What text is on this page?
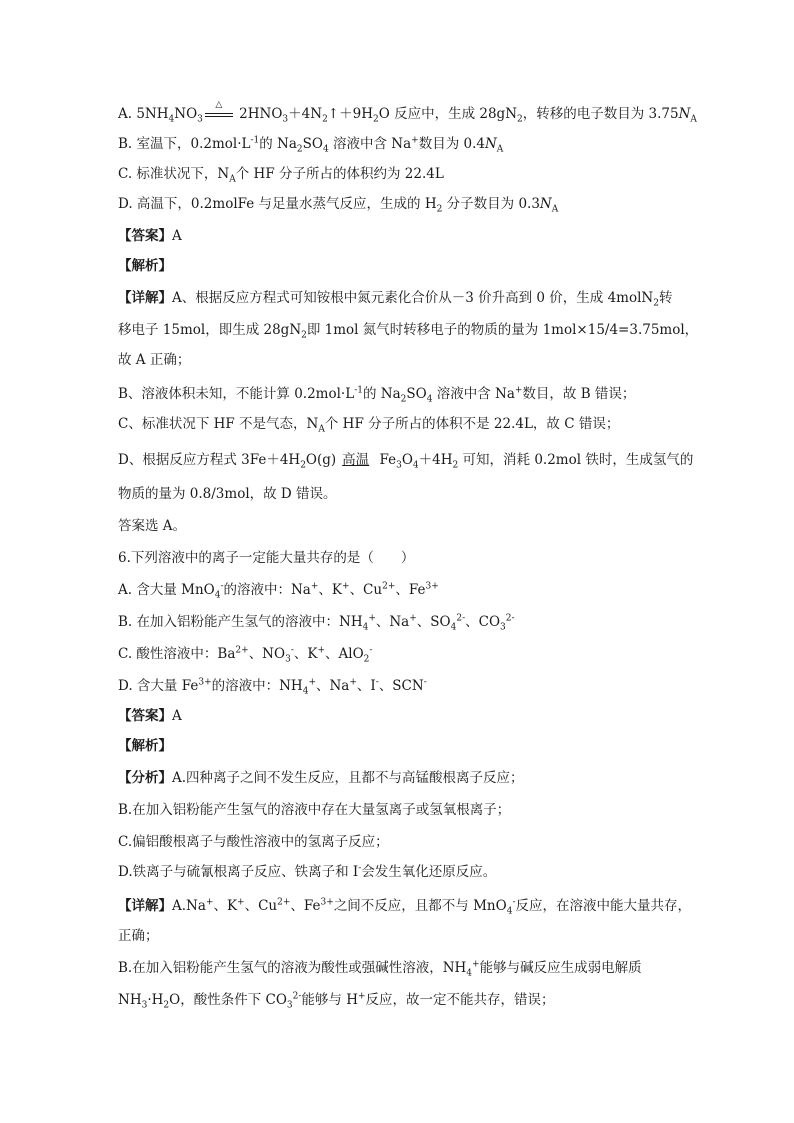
A. $5NH_4NO_3$
△
$2HNO_3+4N_2↑+9H_2O$ 反应中，生成 $28gN_2$，转移的电子数目为 $3.75N_A$
B. 室温下，$0.2mol\cdot L^{-1}$的 $Na_2SO_4$ 溶液中含 Na+数目为 $0.4N_A$
C. 标准状况下，$N_A$个 HF 分子所占的体积约为 22.4L
D. 高温下，0.2molFe 与足量水蒸气反应，生成的 $H_2$ 分子数目为 $0.3N_A$
【答案】A
【解析】
【详解】A、根据反应方程式可知铵根中氮元素化合价从－3 价升高到 0 价，生成 4molN$_2$转
移电子 15mol，即生成 $28gN_2$即 1mol 氮气时转移电子的物质的量为 1mol×15/4=3.75mol，
故 A 正确；
B、溶液体积未知，不能计算 $0.2mol\cdot L^{-1}$的 $Na_2SO_4$ 溶液中含 Na+数目，故 B 错误；
C、标准状况下 HF 不是气态，$N_A$个 HF 分子所占的体积不是 22.4L，故 C 错误；
D、根据反应方程式 $3Fe+4H_2O(g)$ 高温 $Fe_3O_4+4H_2$ 可知，消耗 0.2mol 铁时，生成氢气的
物质的量为 0.8/3mol，故 D 错误。
答案选 A。
6.下列溶液中的离子一定能大量共存的是（　　）
A. 含大量 MnO$_4$-的溶液中：Na+、K+、$Cu^{2+}$、$Fe^{3+}$
B. 在加入铝粉能产生氢气的溶液中：$NH_4^+$、Na+、$SO_4^{2-}$、$CO_3^{2-}$
C. 酸性溶液中：$Ba^{2+}$、$NO_3^-$、K+、AlO$_2$-
D. 含大量 $Fe^{3+}$的溶液中：$NH_4^+$、Na+、I-、SCN-
【答案】A
【解析】
【分析】A.四种离子之间不发生反应，且都不与高锰酸根离子反应；
B.在加入铝粉能产生氢气的溶液中存在大量氢离子或氢氧根离子；
C.偏铝酸根离子与酸性溶液中的氢离子反应；
D.铁离子与硫氰根离子反应、铁离子和 I-会发生氧化还原反应。
【详解】A.Na+、K+、$Cu^{2+}$、$Fe^{3+}$之间不反应，且都不与 MnO$_4$-反应，在溶液中能大量共存，
正确；
B.在加入铝粉能产生氢气的溶液为酸性或强碱性溶液，$NH_4^+$能够与碱反应生成弱电解质
$NH_3\cdot H_2O$，酸性条件下 $CO_3^{2-}$能够与 H+反应，故一定不能共存，错误；
